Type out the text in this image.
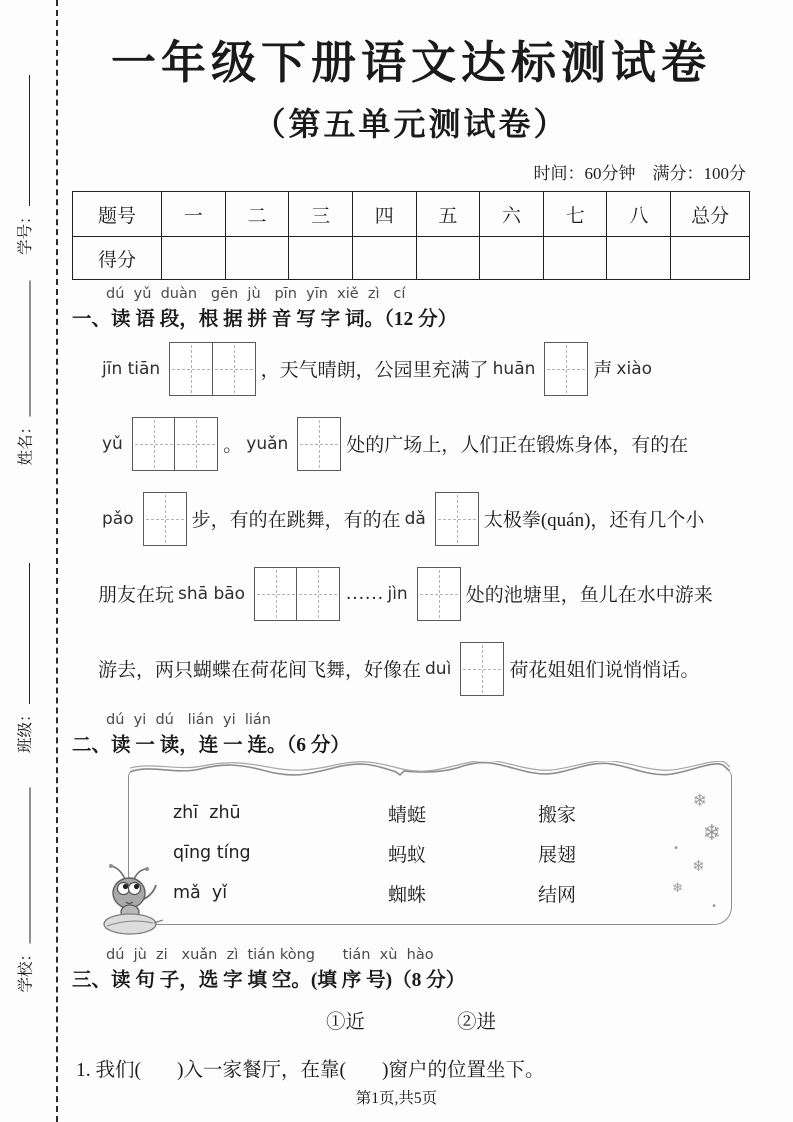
学号：
姓名：
班级：
学校：
一年级下册语文达标测试卷
（第五单元测试卷）
时间：60分钟　满分：100分
题号	一	二	三	四	五	六	七	八	总分
得分									
dú  yǔ  duàn   gēn  jù   pīn  yīn  xiě  zì   cí
一、读 语 段，根 据 拼 音 写 字 词。（12 分）
jīn tiān	，天气晴朗，公园里充满了 huān	声 xiào
yǔ	。 yuǎn	处的广场上，人们正在锻炼身体，有的在
pǎo	步，有的在跳舞，有的在 dǎ	太极拳(quán)，还有几个小
朋友在玩 shā bāo	…… jìn	处的池塘里，鱼儿在水中游来
游去，两只蝴蝶在荷花间飞舞，好像在 duì	荷花姐姐们说悄悄话。
dú  yi  dú   lián  yi  lián
二、读 一 读，连 一 连。（6 分）
zhī  zhū	蜻蜓	搬家
qīng tíng	蚂蚁	展翅
mǎ  yǐ	蜘蛛	结网
❄
❄
❄
❄
•
•
dú  jù  zi   xuǎn  zì  tián kòng      tián  xù  hào
三、读 句 子，选 字 填 空。(填 序 号)（8 分）
①近	②进
1. 我们( )入一家餐厅，在靠( )窗户的位置坐下。
第1页,共5页
